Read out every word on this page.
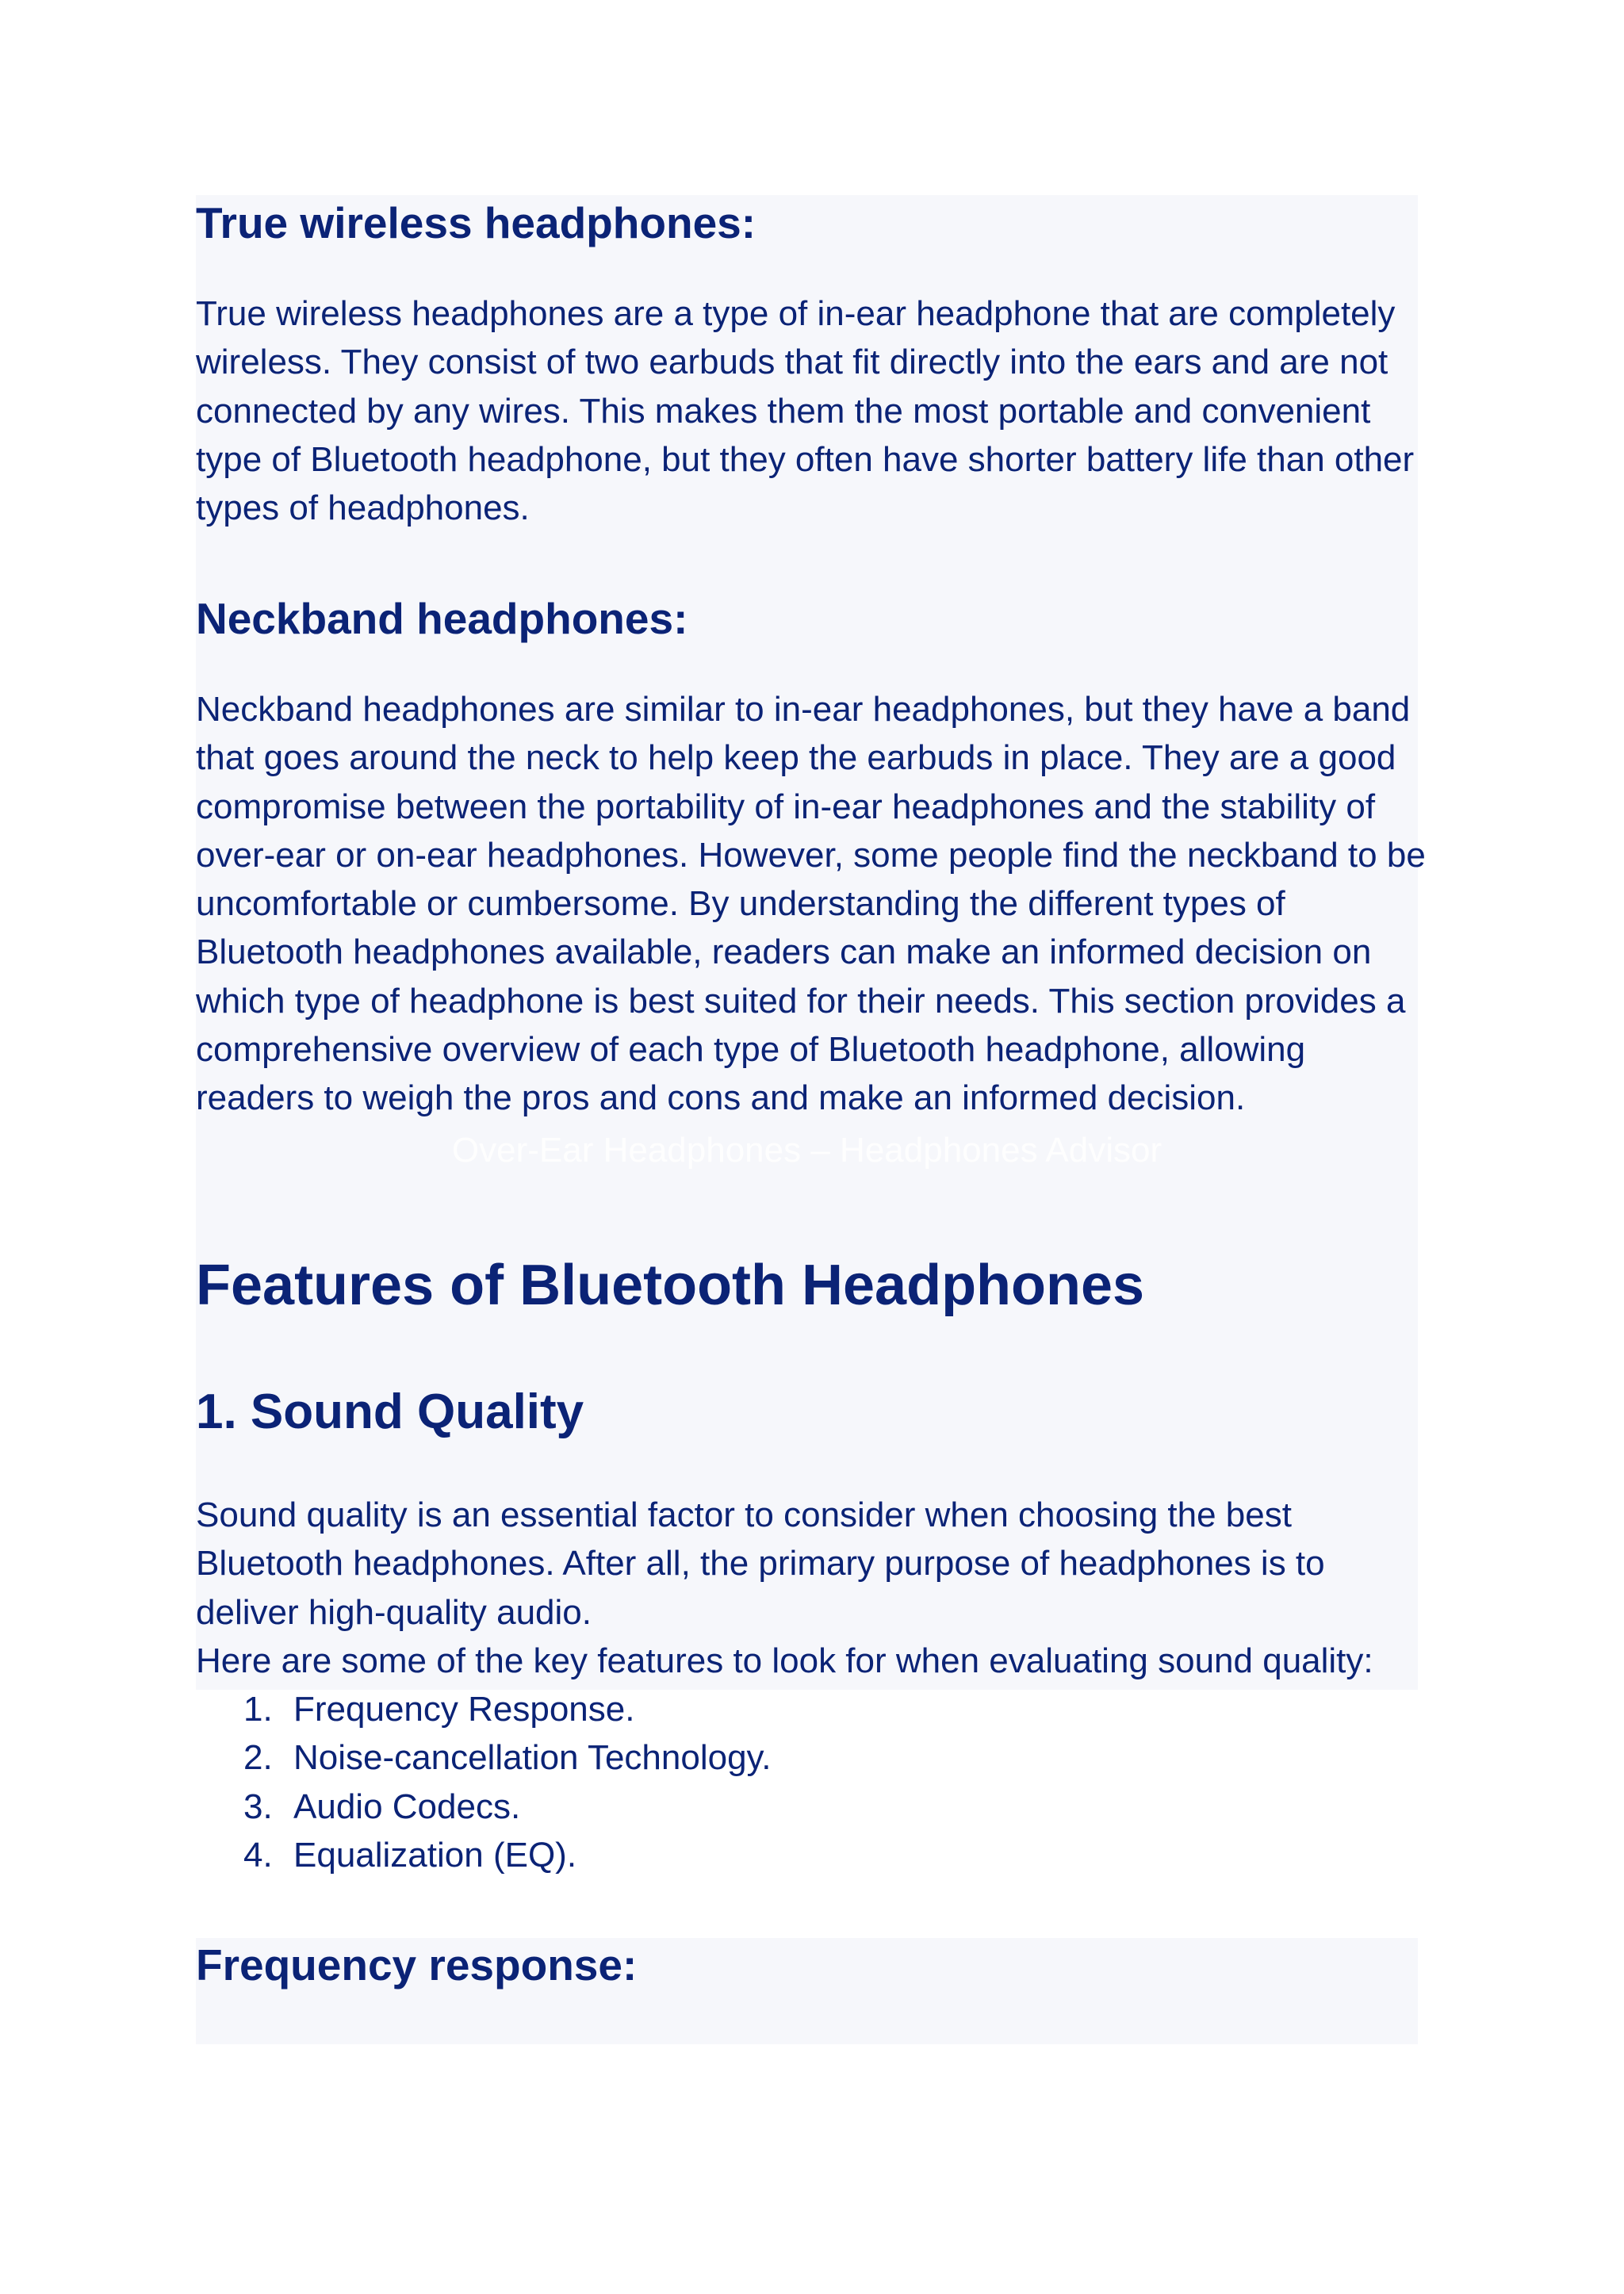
True wireless headphones:

True wireless headphones are a type of in-ear headphone that are completely wireless. They consist of two earbuds that fit directly into the ears and are not connected by any wires. This makes them the most portable and convenient type of Bluetooth headphone, but they often have shorter battery life than other types of headphones.

Neckband headphones:

Neckband headphones are similar to in-ear headphones, but they have a band that goes around the neck to help keep the earbuds in place. They are a good compromise between the portability of in-ear headphones and the stability of over-ear or on-ear headphones. However, some people find the neckband to be uncomfortable or cumbersome. By understanding the different types of Bluetooth headphones available, readers can make an informed decision on which type of headphone is best suited for their needs. This section provides a comprehensive overview of each type of Bluetooth headphone, allowing readers to weigh the pros and cons and make an informed decision.

Over-Ear Headphones – Headphones Advisor
Features of Bluetooth Headphones
1. Sound Quality

Sound quality is an essential factor to consider when choosing the best Bluetooth headphones. After all, the primary purpose of headphones is to deliver high-quality audio.

Here are some of the key features to look for when evaluating sound quality:

1. Frequency Response.
2. Noise-cancellation Technology.
3. Audio Codecs.
4. Equalization (EQ).
Frequency response:
